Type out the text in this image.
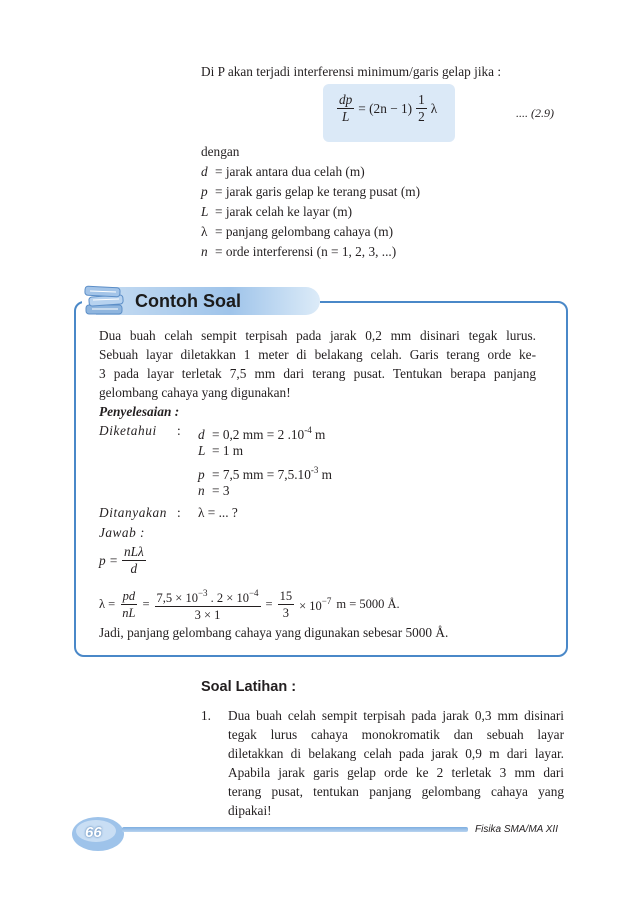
Di P akan terjadi interferensi minimum/garis gelap jika :
$\frac{dp}{L} = (2n - 1) \frac{1}{2}$ λ	.... (2.9)
dengan
d = jarak antara dua celah (m)
p = jarak garis gelap ke terang pusat (m)
L = jarak celah ke layar (m)
λ = panjang gelombang cahaya (m)
n = orde interferensi (n = 1, 2, 3, ...)
Contoh Soal
Dua buah celah sempit terpisah pada jarak 0,2 mm disinari tegak lurus.
Sebuah layar diletakkan 1 meter di belakang celah. Garis terang orde ke-
3 pada layar terletak 7,5 mm dari terang pusat. Tentukan berapa panjang
gelombang cahaya yang digunakan!
Penyelesaian :
Diketahui : d = 0,2 mm = 2 $.10^{-4}$ m
L = 1 m
p = 7,5 mm = $7,5.10^{-3}$ m
n = 3
Ditanyakan : λ = ... ?
Jawab :
$p = \frac{\text{nLλ}}{d}$
$\lambda = \frac{pd}{nL} = \frac{7,5 \times 10^{-3} . 2 \times 10^{-4}}{3 \times 1} = \frac{15}{3} \times 10^{-7}$ m = 5000 Å.
Jadi, panjang gelombang cahaya yang digunakan sebesar 5000 Å.
Soal Latihan :
1. Dua buah celah sempit terpisah pada jarak 0,3 mm disinari
tegak lurus cahaya monokromatik dan sebuah layar
diletakkan di belakang celah pada jarak 0,9 m dari layar.
Apabila jarak garis gelap orde ke 2 terletak 3 mm dari
terang pusat, tentukan panjang gelombang cahaya yang
dipakai!
66	Fisika SMA/MA XII
